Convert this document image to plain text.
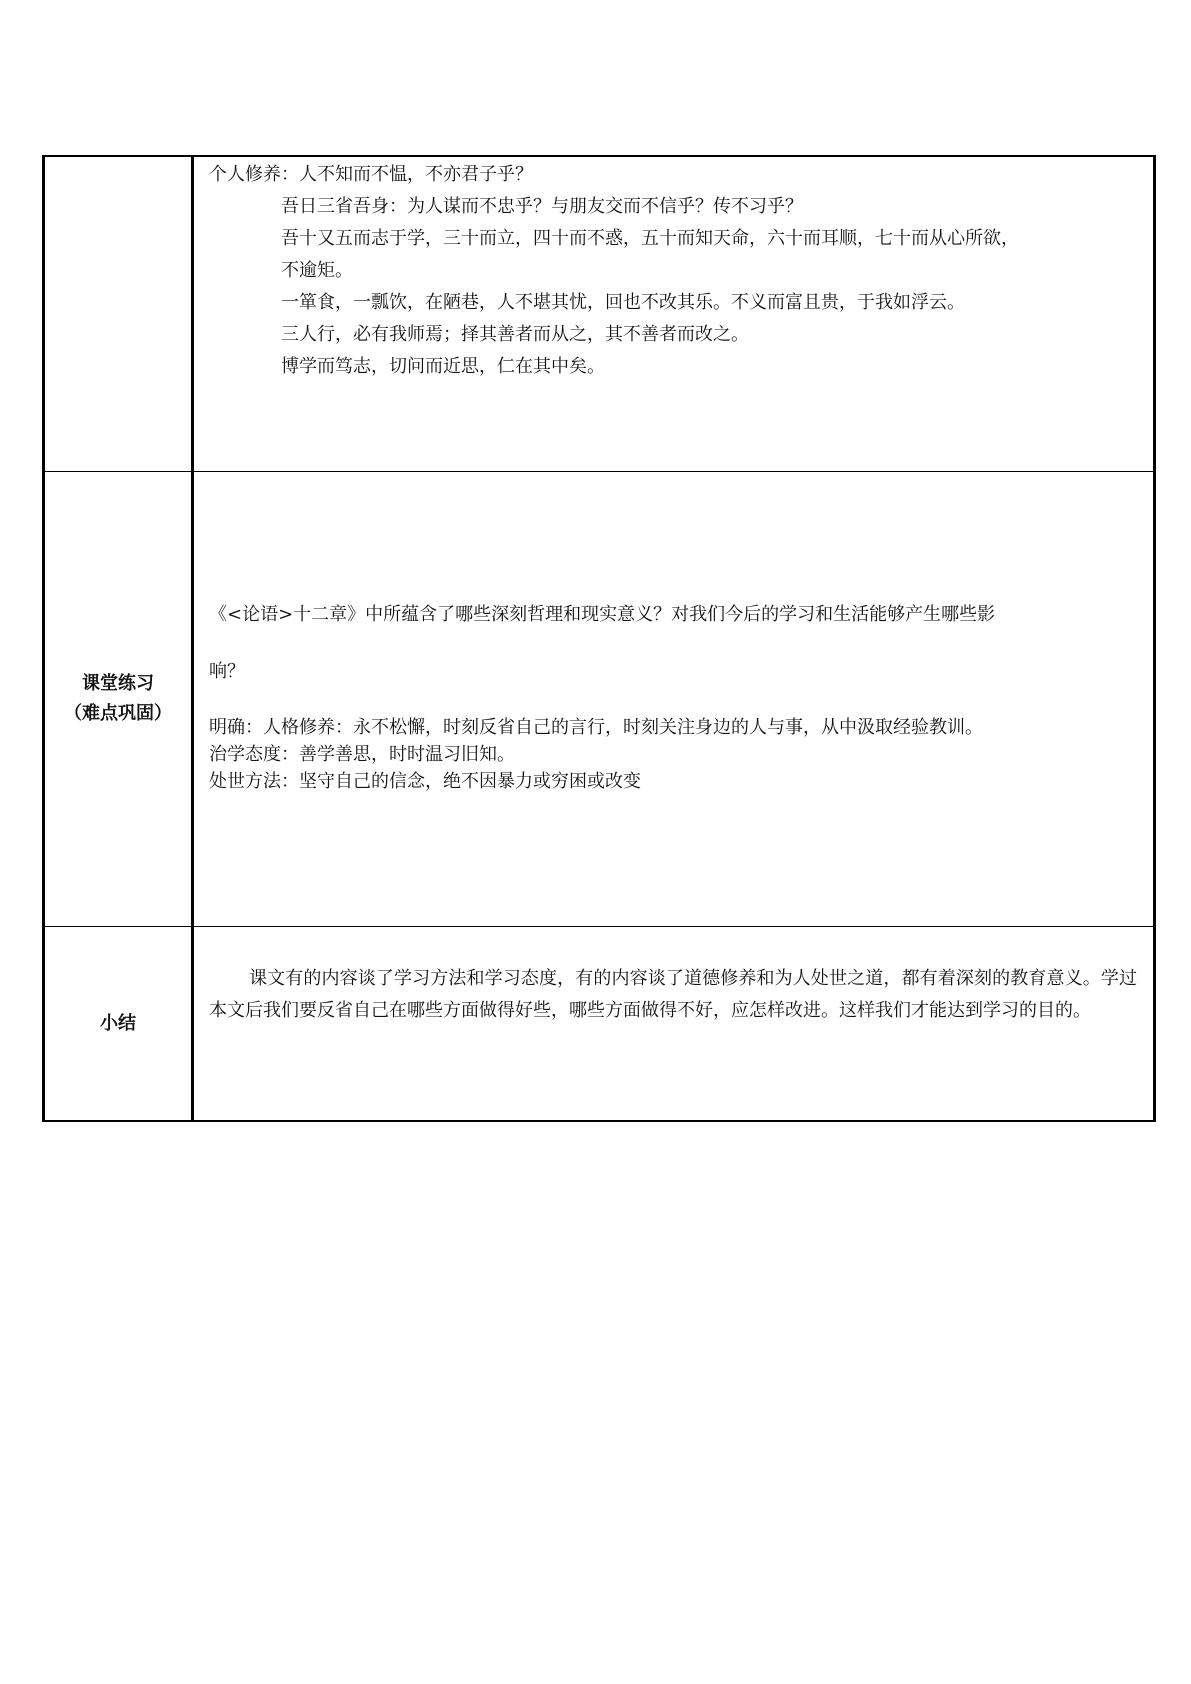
个人修养：人不知而不愠，不亦君子乎？
吾日三省吾身：为人谋而不忠乎？与朋友交而不信乎？传不习乎？
吾十又五而志于学，三十而立，四十而不惑，五十而知天命，六十而耳顺，七十而从心所欲，
不逾矩。
一箪食，一瓢饮，在陋巷，人不堪其忧，回也不改其乐。不义而富且贵，于我如浮云。
三人行，必有我师焉；择其善者而从之，其不善者而改之。
博学而笃志，切问而近思，仁在其中矣。
课堂练习
（难点巩固）
《<论语>十二章》中所蕴含了哪些深刻哲理和现实意义？对我们今后的学习和生活能够产生哪些影
响？
明确：人格修养：永不松懈，时刻反省自己的言行，时刻关注身边的人与事，从中汲取经验教训。
治学态度：善学善思，时时温习旧知。
处世方法：坚守自己的信念，绝不因暴力或穷困或改变
小结
课文有的内容谈了学习方法和学习态度，有的内容谈了道德修养和为人处世之道，都有着深刻的教育意义。学过本文后我们要反省自己在哪些方面做得好些，哪些方面做得不好，应怎样改进。这样我们才能达到学习的目的。
